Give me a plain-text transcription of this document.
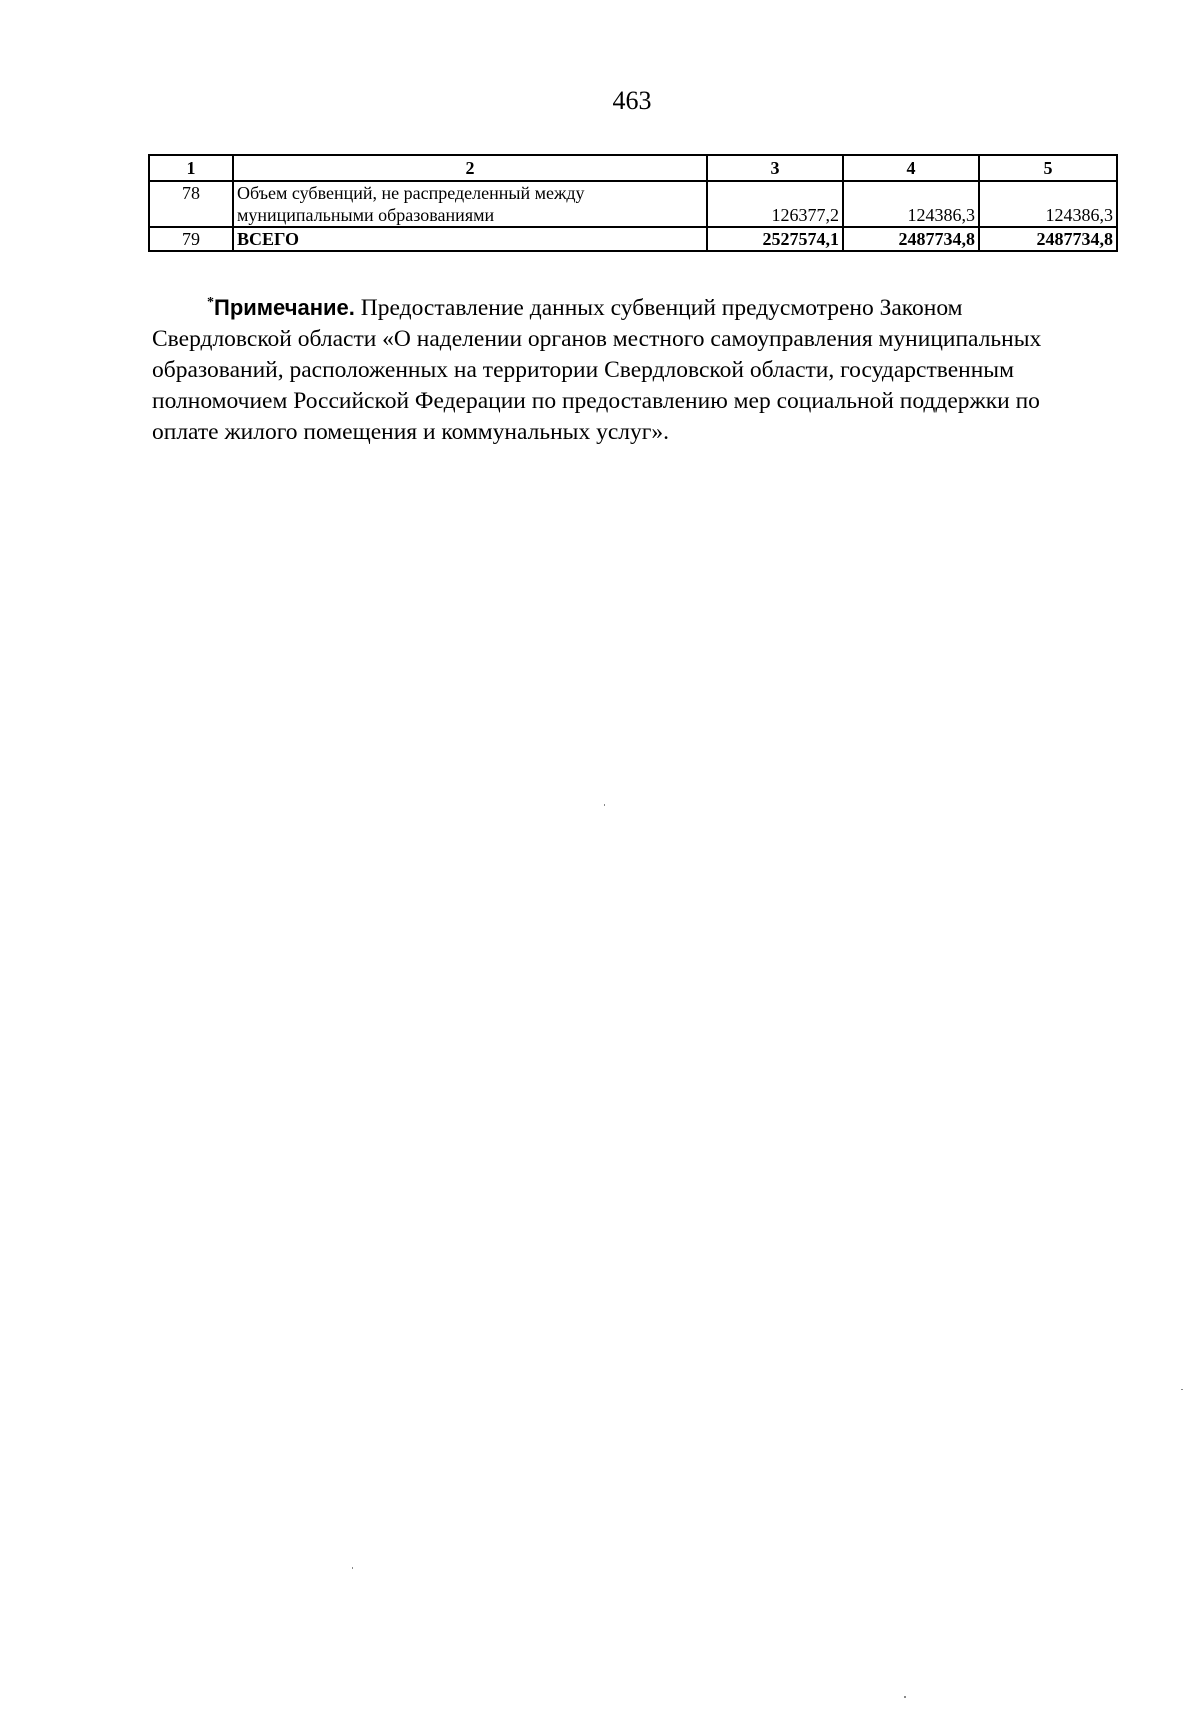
463
1	2	3	4	5
78	Объем субвенций, не распределенный между
муниципальными образованиями	126377,2	124386,3	124386,3
79	ВСЕГО	2527574,1	2487734,8	2487734,8

*Примечание. Предоставление данных субвенций предусмотрено Законом Свердловской области «О наделении органов местного самоуправления муниципальных образований, расположенных на территории Свердловской области, государственным полномочием Российской Федерации по предоставлению мер социальной поддержки по оплате жилого помещения и коммунальных услуг».
